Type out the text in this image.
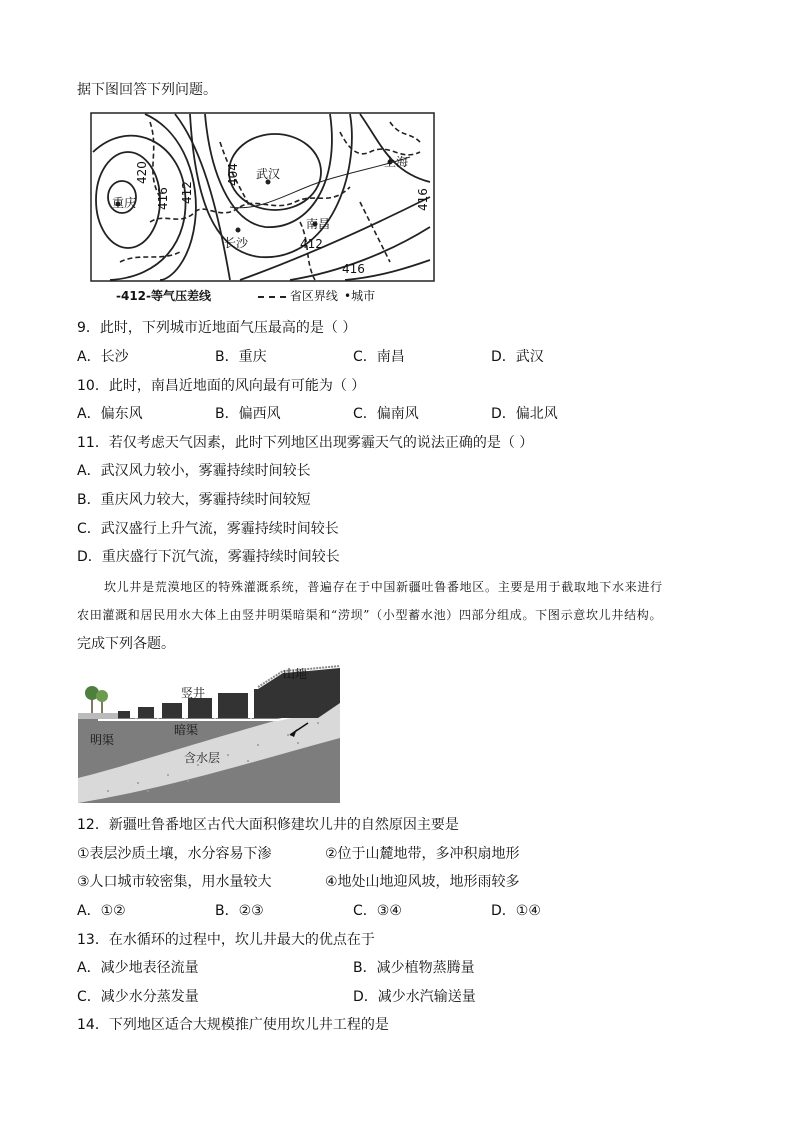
据下图回答下列问题。
重庆
武汉
上海
长沙
南昌
420
416 412
404
412
416
416
-412-等气压差线	省区界线 •城市
9．此时，下列城市近地面气压最高的是（ ）
A．长沙	B．重庆	C．南昌	D．武汉
10．此时，南昌近地面的风向最有可能为（ ）
A．偏东风	B．偏西风	C．偏南风	D．偏北风
11．若仅考虑天气因素，此时下列地区出现雾霾天气的说法正确的是（ ）
A．武汉风力较小，雾霾持续时间较长
B．重庆风力较大，雾霾持续时间较短
C．武汉盛行上升气流，雾霾持续时间较长
D．重庆盛行下沉气流，雾霾持续时间较长
坎儿井是荒漠地区的特殊灌溉系统，普遍存在于中国新疆吐鲁番地区。主要是用于截取地下水来进行
农田灌溉和居民用水大体上由竖井明渠暗渠和“涝坝”（小型蓄水池）四部分组成。下图示意坎儿井结构。
完成下列各题。
山地
竖井
暗渠
明渠
含水层
12．新疆吐鲁番地区古代大面积修建坎儿井的自然原因主要是
①表层沙质土壤，水分容易下渗	②位于山麓地带，多冲积扇地形
③人口城市较密集，用水量较大	④地处山地迎风坡，地形雨较多
A．①②	B．②③	C．③④	D．①④
13．在水循环的过程中，坎儿井最大的优点在于
A．减少地表径流量	B．减少植物蒸腾量
C．减少水分蒸发量	D．减少水汽输送量
14．下列地区适合大规模推广使用坎儿井工程的是
